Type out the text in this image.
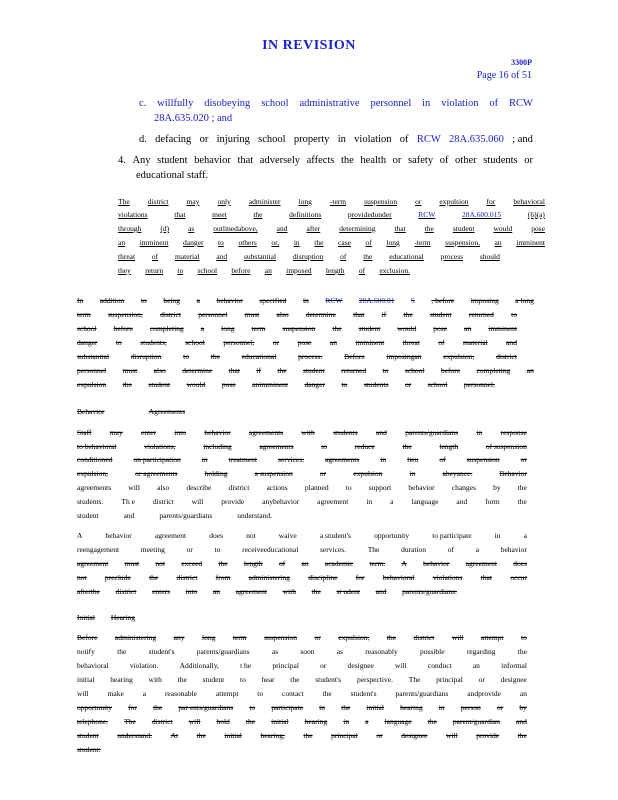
IN REVISION
3300P
Page 16 of 51
c. willfully disobeying school administrative personnel in violation of RCW
28A.635.020 ; and
d. defacing or injuring school property in violation of RCW 28A.635.060 ; and
4. Any student behavior that adversely affects the health or safety of other students or
educational staff.
The district may only administer long -term suspension or expulsion for behavioral
violations	that	meet	the	definitions	providedunder	RCW	28A.600.015	(6)(a)
through	(d)	as	outlinedabove,	and	after	determining	that	the	student	would	pose
an imminent danger to others or, in the case of long -term suspension, an imminent
threat of material and substantial disruption of the educational process should
they return to school before an imposed length of exclusion.
In addition to being a behavior specified in RCW 28A.600.01 5 , before imposing a long
term suspension, district personnel must also determine that if the student returned to
school before completing a long term suspension the student would pose an imminent
danger to students, school personnel, or pose an imminent threat of material and
substantial	disruption	to	the	educational	process.	Before	imposingan	expulsion,	district
personnel must also determine that if the student returned to school before completing an
expulsion the student would pose animminent danger to students or school personnel.
Behavior	Agreements
Staff may enter into behavior agreements with students and parents/guardians in response
to behavioral	violations,	including	agreements	to	reduce	the	length	of suspension
conditioned	on participation	in	treatment	services,	agreements	in	lieu	of	suspension	or
expulsion,	or agreements	holding	a suspension	or	expulsion	in	abeyance.	Behavior
agreements will also describe district actions planned to support behavior changes by the
students. Th e district will provide anybehavior agreement in a language and form the
student	and	parents/guardians	understand.
A	behavior	agreement	does	not	waive	a student's	opportunity	to participate	in	a
reengagement	meeting	or	to	receiveeducational	services.	The	duration	of	a	behavior
agreement must not exceed the length of an academic term. A behavior agreement does
not preclude the district from administering discipline for behavioral violations that occur
afterthe district enters into an agreement with the st udent and parents/guardians.
Initial Hearing
Before administering any long term suspension or expulsion, the district will attempt to
notify	the	student's	parents/guardians	as	soon	as	reasonably	possible	regarding	the
behavioral	violation.	Additionally,	t he	principal	or	designee	will	conduct	an	informal
initial hearing with the student to hear the student's perspective. The principal or designee
will	make	a	reasonable	attempt	to	contact	the	student's	parents/guardians	andprovide	an
opportunity for the par ents/guardians to participate in the initial hearing in person or by
telephone. The district will hold the initial hearing in a language the parent/guardian and
student understand. At the initial hearing, the principal or designee will provide the
student:
